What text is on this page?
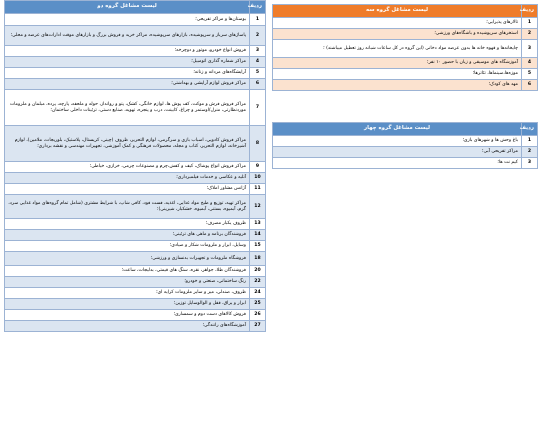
ردیف	لیست مشاغل گروه دو
1	بوستان‌ها و مراکز تفریحی؛
2	پاساژهای سرباز و سرپوشیده، بازارهای سرپوشیده، مراکز خرید و فروش بزرگ و بازارهای موقت ادارات‌های عرضه و محلی؛
3	فروش انواع خودرو، موتور و دوچرخه؛
4	مراکز شماره گذاری اتومبیل؛
5	آرایشگاه‌های مردانه و زنانه؛
6	مراکز فروش لوازم آرایشی و بهداشتی؛
7	مراکز فروش فرش و موکت، کف پوش ها، لوازم خانگی، کشک، پتو و روانداز، حوله و ملحفه، پارچه، پرده، مبلمان و ملزومات موردنظارتی، منزل/اوستمر و چراغ، کابینت، درب و پنجره، تهویه، صنایع دستی، تزئینات داخلی ساختمان؛
8	مراکز فروش کادویی، اسباب بازی و سرگرمی، لوازم التحریر، ظروف (چینی، کریستال، پلاستیک، بلوریجات، ملامین)، لوازم آشپزخانه، لوازم التحریر، کتاب و مجله، محصولات فرهنگی و کمک آموزشی، تجهیزات مهندسی و نقشه برداری؛
9	مراکز فروش انواع پوشاک، کیف و کفش،چرم و مصنوعات چرمی، خرازی، خیاطی؛
10	آتلیه و عکاسی و خدمات فیلمبرداری؛
11	آژانس مشاور املاک؛
12	مراکز تهیه، توزیع و طبخ مواد غذایی، اغذیه، فست فود، کافی شاپ، با شرایط مشتری (شامل تمام گروه‌های مواد غذایی سرد، گرم، آبمیوه، بستنی، آبمیوه، خشکبار، شیرینی)؛
13	ظروف یکبار مصرف؛
14	فروشندگان برنامه و ماهی های تزئینی؛
15	وسایل، ابزار و ملزومات شکار و صیادی؛
18	فروشگاه ملزومات و تجهیزات بدنسازی و ورزشی؛
20	فروشندگان طلا، جواهر، نقره، سنگ های قیمتی، بدلیجات، ساعت؛
22	رنگ ساختمانی، صنعتی و خودرو؛
24	ظروف، صندلی، میز و سایر ملزومات کرایه ای؛
25	ابزار و یراق، قفل و الوالوسایل توزین؛
26	فروش کالاهای دست دوم و سمساری؛
27	آموزشگاه‌های رانندگی؛
ردیف	لیست مشاغل گروه سه
1	تالارهای پذیرایی؛
2	استخرهای سرپوشیده و باشگاه‌های ورزشی؛
3	چایخانه‌ها و قهوه خانه ها بدون عرضه مواد دخانی (این گروه در کل ساعات شبانه روز تعطیل میباشند) ؛
4	آموزشگاه های موسیقی و زبان با حضور ۱۰ نفر؛
5	موزه‌ها،سینماها، تئاترها؛
6	مهد های کودک؛
ردیف	لیست مشاغل گروه چهار
1	باغ وحش ها و شهرهای بازی؛
2	مراکز تفریحی آبی؛
3	کیم نت ها؛
